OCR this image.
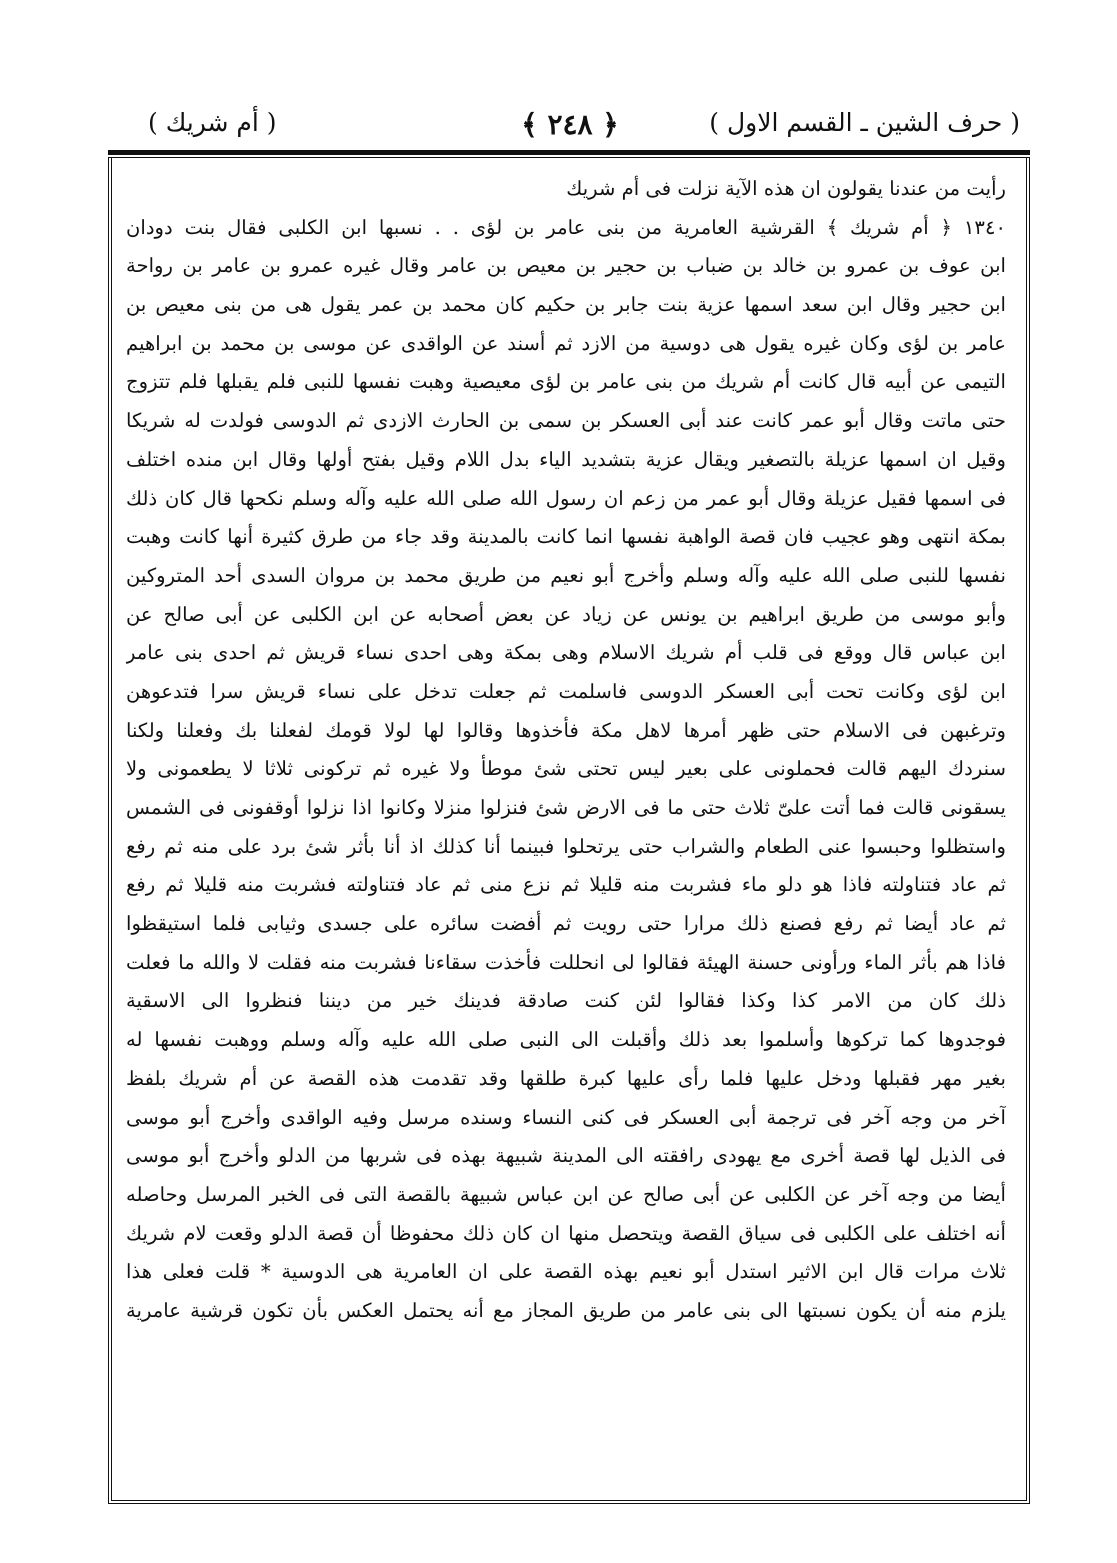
( حرف الشين ـ القسم الاول )
﴿ ٢٤٨ ﴾
( أم شريك )
رأيت من عندنا يقولون ان هذه الآية نزلت فى أم شريك
١٣٤٠ ﴿ أم شريك ﴾ القرشية العامرية من بنى عامر بن لؤى . . نسبها ابن الكلبى فقال بنت دودان
ابن عوف بن عمرو بن خالد بن ضباب بن حجير بن معيص بن عامر وقال غيره عمرو بن عامر بن رواحة
ابن حجير وقال ابن سعد اسمها عزية بنت جابر بن حكيم كان محمد بن عمر يقول هى من بنى معيص بن
عامر بن لؤى وكان غيره يقول هى دوسية من الازد ثم أسند عن الواقدى عن موسى بن محمد بن ابراهيم
التيمى عن أبيه قال كانت أم شريك من بنى عامر بن لؤى معيصية وهبت نفسها للنبى فلم يقبلها فلم تتزوج
حتى ماتت وقال أبو عمر كانت عند أبى العسكر بن سمى بن الحارث الازدى ثم الدوسى فولدت له شريكا
وقيل ان اسمها عزيلة بالتصغير ويقال عزية بتشديد الياء بدل اللام وقيل بفتح أولها وقال ابن منده اختلف
فى اسمها فقيل عزيلة وقال أبو عمر من زعم ان رسول الله صلى الله عليه وآله وسلم نكحها قال كان ذلك
بمكة انتهى وهو عجيب فان قصة الواهبة نفسها انما كانت بالمدينة وقد جاء من طرق كثيرة أنها كانت وهبت
نفسها للنبى صلى الله عليه وآله وسلم وأخرج أبو نعيم من طريق محمد بن مروان السدى أحد المتروكين
وأبو موسى من طريق ابراهيم بن يونس عن زياد عن بعض أصحابه عن ابن الكلبى عن أبى صالح عن
ابن عباس قال ووقع فى قلب أم شريك الاسلام وهى بمكة وهى احدى نساء قريش ثم احدى بنى عامر
ابن لؤى وكانت تحت أبى العسكر الدوسى فاسلمت ثم جعلت تدخل على نساء قريش سرا فتدعوهن
وترغبهن فى الاسلام حتى ظهر أمرها لاهل مكة فأخذوها وقالوا لها لولا قومك لفعلنا بك وفعلنا ولكنا
سنردك اليهم قالت فحملونى على بعير ليس تحتى شئ موطأ ولا غيره ثم تركونى ثلاثا لا يطعمونى ولا
يسقونى قالت فما أتت علىّ ثلاث حتى ما فى الارض شئ فنزلوا منزلا وكانوا اذا نزلوا أوقفونى فى الشمس
واستظلوا وحبسوا عنى الطعام والشراب حتى يرتحلوا فبينما أنا كذلك اذ أنا بأثر شئ برد على منه ثم رفع
ثم عاد فتناولته فاذا هو دلو ماء فشربت منه قليلا ثم نزع منى ثم عاد فتناولته فشربت منه قليلا ثم رفع
ثم عاد أيضا ثم رفع فصنع ذلك مرارا حتى رويت ثم أفضت سائره على جسدى وثيابى فلما استيقظوا
فاذا هم بأثر الماء ورأونى حسنة الهيئة فقالوا لى انحللت فأخذت سقاءنا فشربت منه فقلت لا والله ما فعلت
ذلك كان من الامر كذا وكذا فقالوا لئن كنت صادقة فدينك خير من ديننا فنظروا الى الاسقية
فوجدوها كما تركوها وأسلموا بعد ذلك وأقبلت الى النبى صلى الله عليه وآله وسلم ووهبت نفسها له
بغير مهر فقبلها ودخل عليها فلما رأى عليها كبرة طلقها وقد تقدمت هذه القصة عن أم شريك بلفظ
آخر من وجه آخر فى ترجمة أبى العسكر فى كنى النساء وسنده مرسل وفيه الواقدى وأخرج أبو موسى
فى الذيل لها قصة أخرى مع يهودى رافقته الى المدينة شبيهة بهذه فى شربها من الدلو وأخرج أبو موسى
أيضا من وجه آخر عن الكلبى عن أبى صالح عن ابن عباس شبيهة بالقصة التى فى الخبر المرسل وحاصله
أنه اختلف على الكلبى فى سياق القصة ويتحصل منها ان كان ذلك محفوظا أن قصة الدلو وقعت لام شريك
ثلاث مرات قال ابن الاثير استدل أبو نعيم بهذه القصة على ان العامرية هى الدوسية * قلت فعلى هذا
يلزم منه أن يكون نسبتها الى بنى عامر من طريق المجاز مع أنه يحتمل العكس بأن تكون قرشية عامرية
